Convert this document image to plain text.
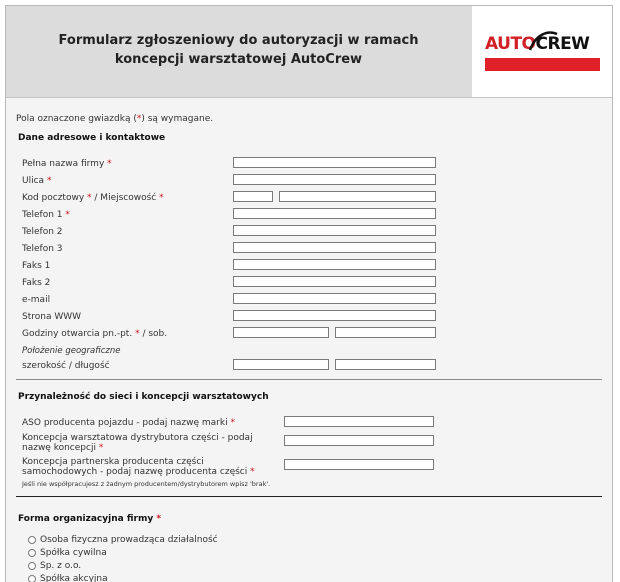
Formularz zgłoszeniowy do autoryzacji w ramach
koncepcji warsztatowej AutoCrew
AUTOCREW
Pola oznaczone gwiazdką (*) są wymagane.
Dane adresowe i kontaktowe
Pełna nazwa firmy *
Ulica *
Kod pocztowy * / Miejscowość *
Telefon 1 *
Telefon 2
Telefon 3
Faks 1
Faks 2
e-mail
Strona WWW
Godziny otwarcia pn.-pt. * / sob.
Położenie geograficzne
szerokość / długość
Przynależność do sieci i koncepcji warsztatowych
ASO producenta pojazdu - podaj nazwę marki *
Koncepcja warsztatowa dystrybutora części - podaj
nazwę koncepcji *
Koncepcja partnerska producenta części
samochodowych - podaj nazwę producenta części *
Jeśli nie współpracujesz z żadnym producentem/dystrybutorem wpisz 'brak'.
Forma organizacyjna firmy *
Osoba fizyczna prowadząca działalność
Spółka cywilna
Sp. z o.o.
Spółka akcyjna
